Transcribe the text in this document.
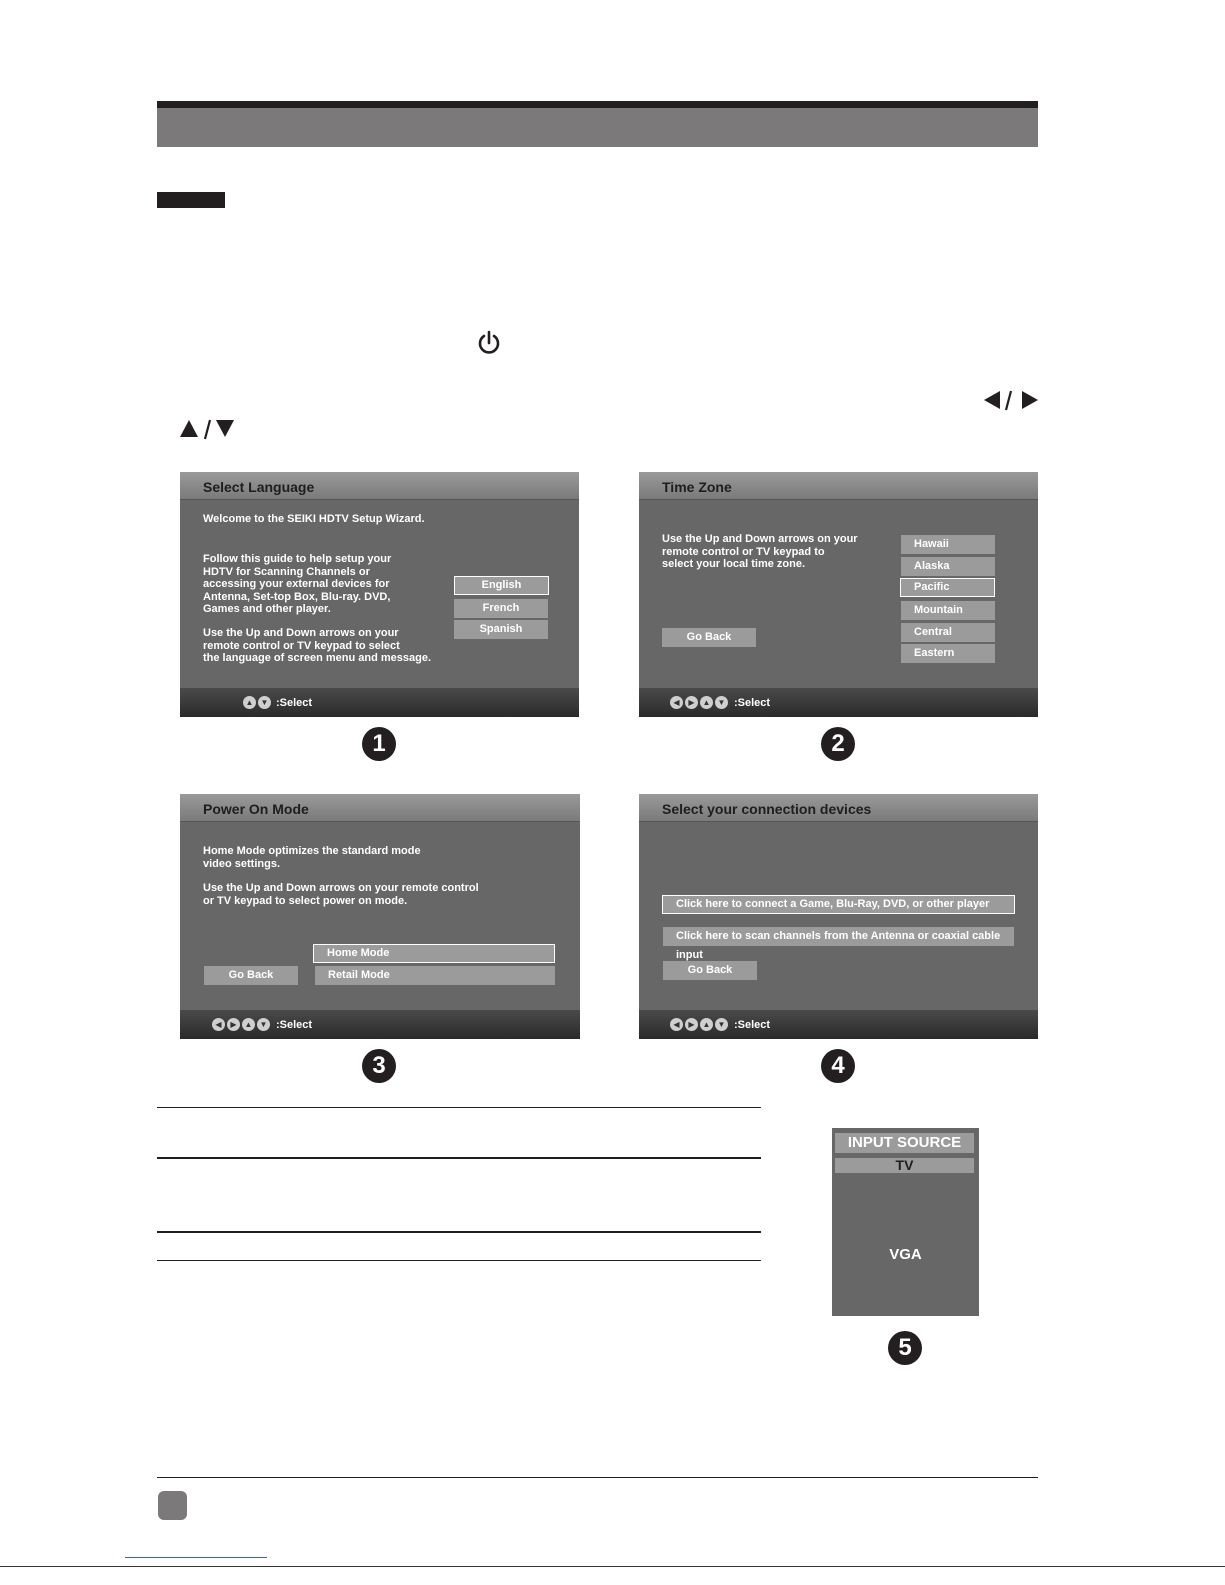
Select Language
Welcome to the SEIKI HDTV Setup Wizard.
Follow this guide to help setup your
HDTV for Scanning Channels or
accessing your external devices for
Antenna, Set-top Box, Blu-ray. DVD,
Games and other player.
Use the Up and Down arrows on your
remote control or TV keypad to select
the language of screen menu and message.
English
French
Spanish
▲ ▼ :Select
1
Time Zone
Use the Up and Down arrows on your
remote control or TV keypad to
select your local time zone.
Go Back
Hawaii
Alaska
Pacific
Mountain
Central
Eastern
◀	▶ ▲ ▼ :Select
2
Power On Mode
Home Mode optimizes the standard mode
video settings.
Use the Up and Down arrows on your remote control
or TV keypad to select power on mode.
Home Mode
Retail Mode
Go Back
◀	▶ ▲ ▼ :Select
3
Select your connection devices
Click here to connect a Game, Blu-Ray, DVD, or other player
Click here to scan channels from the Antenna or coaxial cable input
Go Back
◀	▶ ▲ ▼ :Select
4
INPUT SOURCE
TV
VGA
5
